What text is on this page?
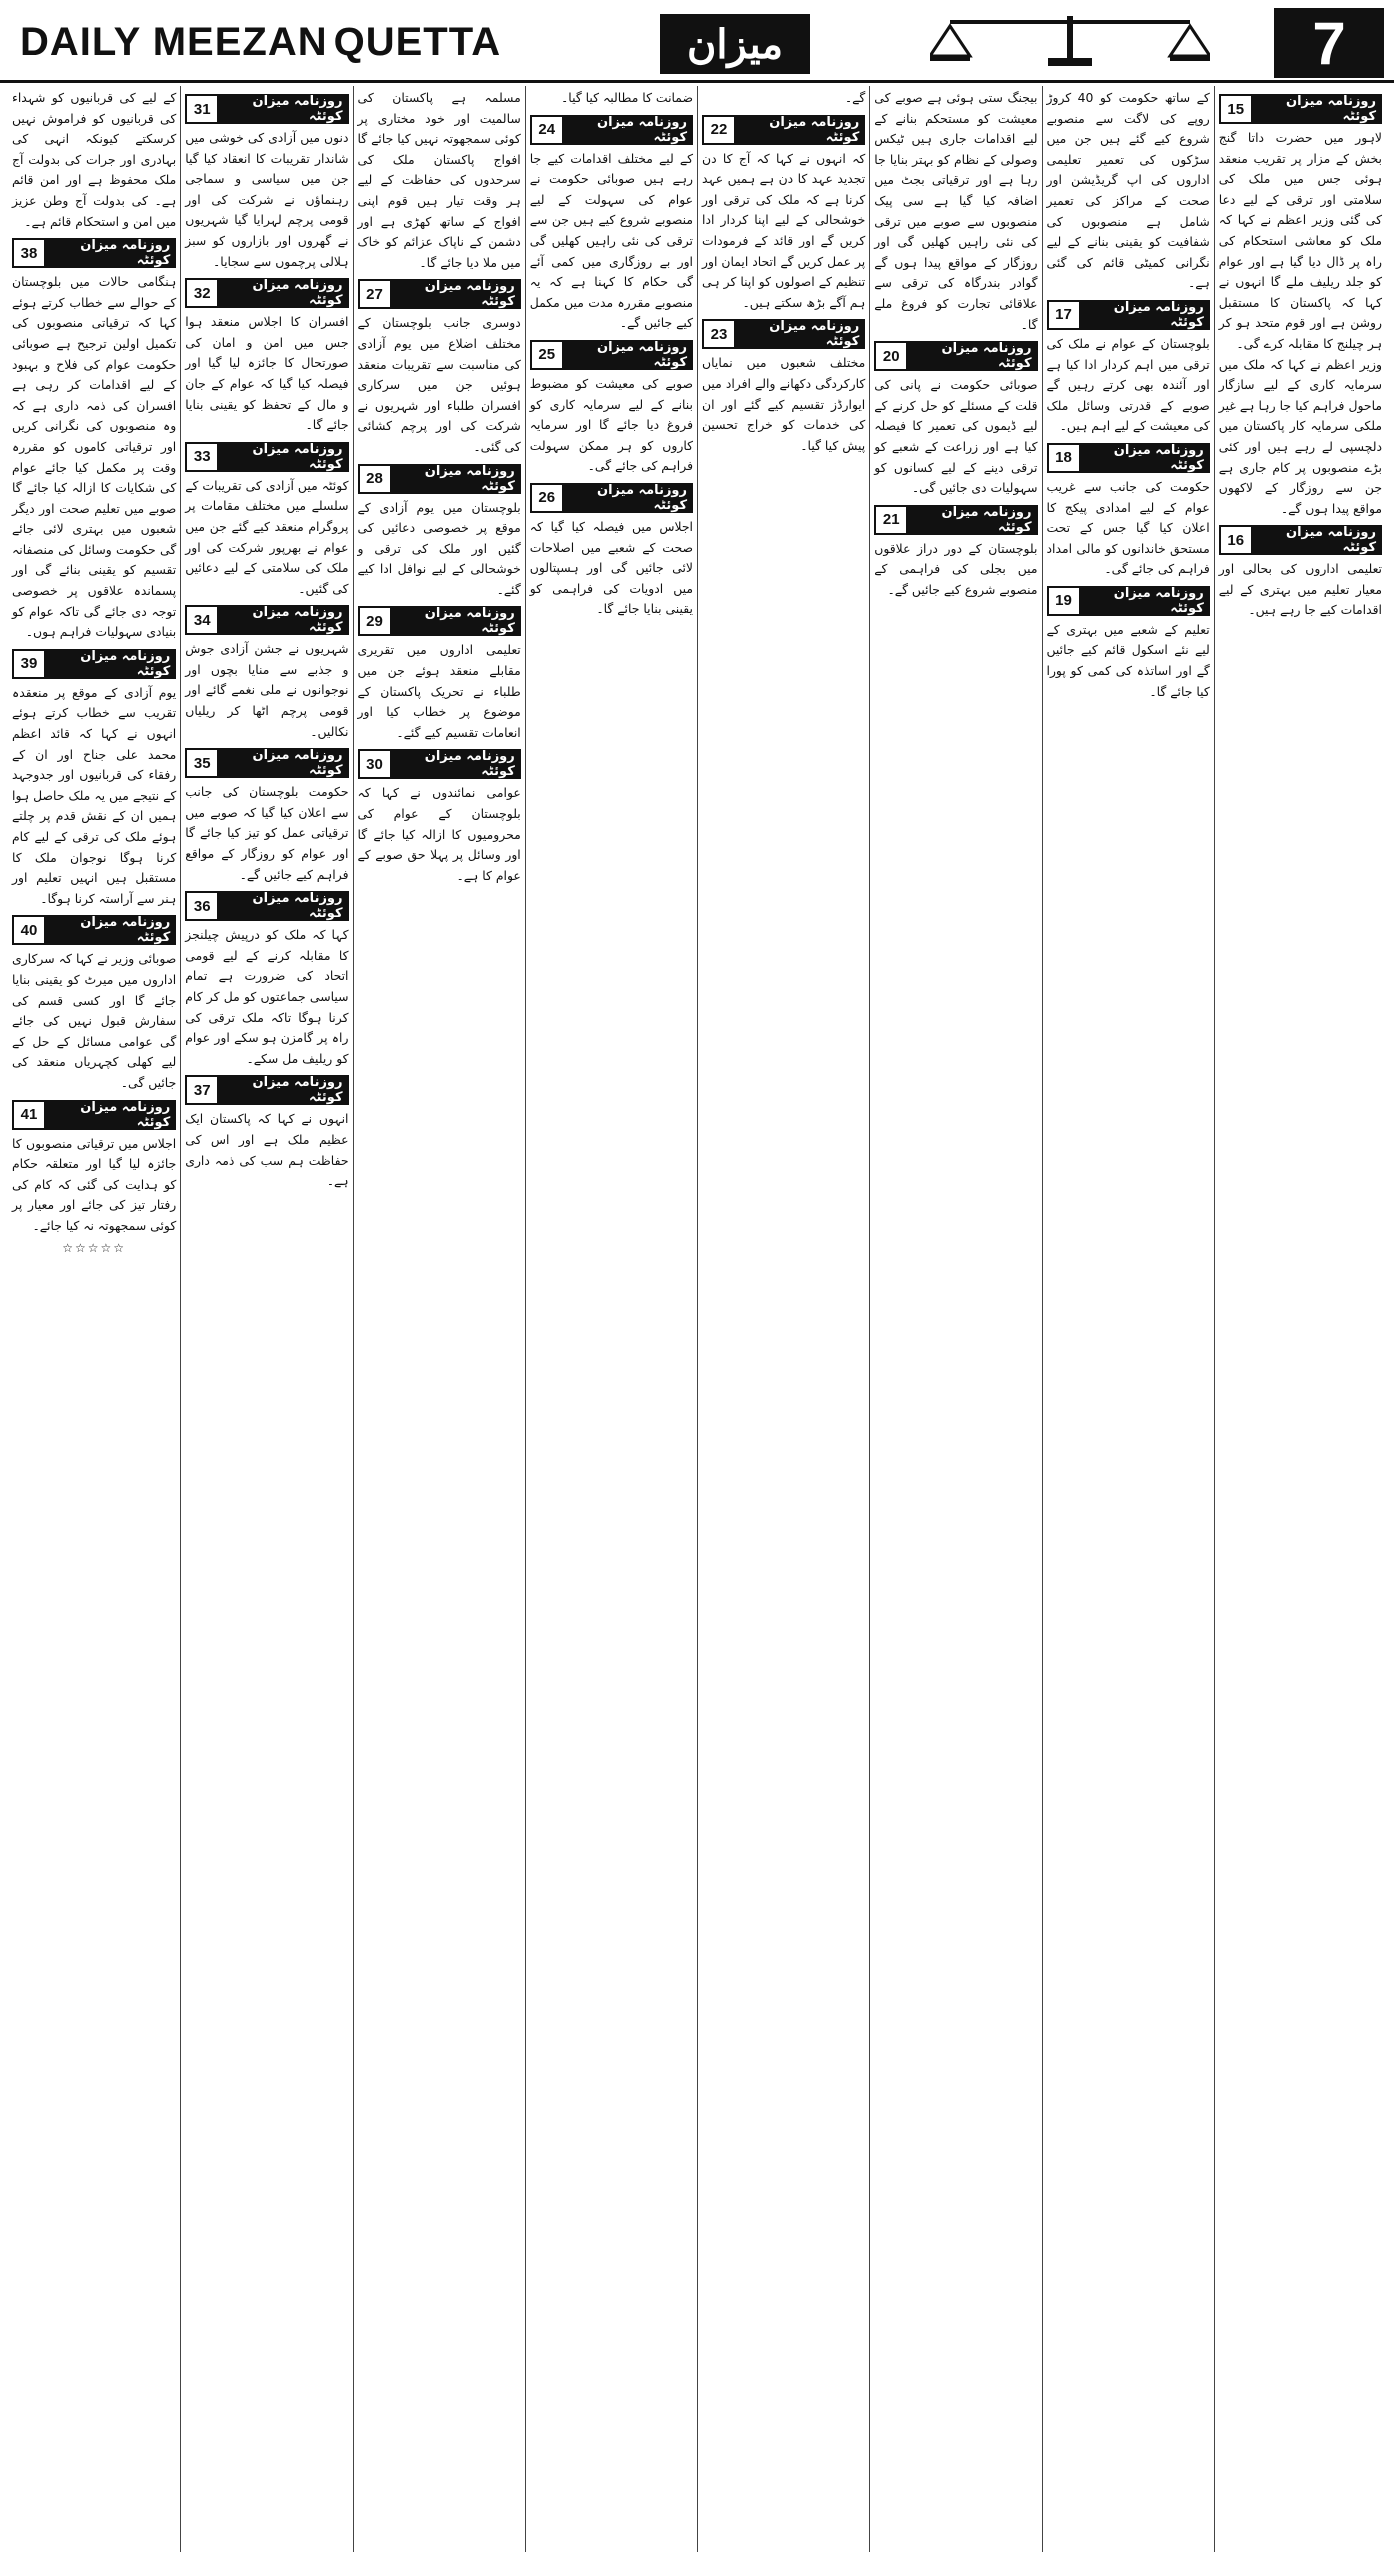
DAILY MEEZAN QUETTA	میزان	7

کے لیے کی قربانیوں کو شہداء کی قربانیوں کو فراموش نہیں کرسکتے کیونکہ انہی کی بہادری اور جرات کی بدولت آج ملک محفوظ ہے اور امن قائم ہے۔ کی بدولت آج وطن عزیز میں امن و استحکام قائم ہے۔

38	روزنامہ میزان کوئٹہ

ہنگامی حالات میں بلوچستان کے حوالے سے خطاب کرتے ہوئے کہا کہ ترقیاتی منصوبوں کی تکمیل اولین ترجیح ہے صوبائی حکومت عوام کی فلاح و بہبود کے لیے اقدامات کر رہی ہے افسران کی ذمہ داری ہے کہ وہ منصوبوں کی نگرانی کریں اور ترقیاتی کاموں کو مقررہ وقت پر مکمل کیا جائے عوام کی شکایات کا ازالہ کیا جائے گا صوبے میں تعلیم صحت اور دیگر شعبوں میں بہتری لائی جائے گی حکومت وسائل کی منصفانہ تقسیم کو یقینی بنائے گی اور پسماندہ علاقوں پر خصوصی توجہ دی جائے گی تاکہ عوام کو بنیادی سہولیات فراہم ہوں۔

39	روزنامہ میزان کوئٹہ

یوم آزادی کے موقع پر منعقدہ تقریب سے خطاب کرتے ہوئے انہوں نے کہا کہ قائد اعظم محمد علی جناح اور ان کے رفقاء کی قربانیوں اور جدوجہد کے نتیجے میں یہ ملک حاصل ہوا ہمیں ان کے نقش قدم پر چلتے ہوئے ملک کی ترقی کے لیے کام کرنا ہوگا نوجوان ملک کا مستقبل ہیں انہیں تعلیم اور ہنر سے آراستہ کرنا ہوگا۔

40	روزنامہ میزان کوئٹہ

صوبائی وزیر نے کہا کہ سرکاری اداروں میں میرٹ کو یقینی بنایا جائے گا اور کسی قسم کی سفارش قبول نہیں کی جائے گی عوامی مسائل کے حل کے لیے کھلی کچہریاں منعقد کی جائیں گی۔

41	روزنامہ میزان کوئٹہ

اجلاس میں ترقیاتی منصوبوں کا جائزہ لیا گیا اور متعلقہ حکام کو ہدایت کی گئی کہ کام کی رفتار تیز کی جائے اور معیار پر کوئی سمجھوتہ نہ کیا جائے۔

☆☆☆☆☆
31	روزنامہ میزان کوئٹہ

دنوں میں آزادی کی خوشی میں شاندار تقریبات کا انعقاد کیا گیا جن میں سیاسی و سماجی رہنماؤں نے شرکت کی اور قومی پرچم لہرایا گیا شہریوں نے گھروں اور بازاروں کو سبز ہلالی پرچموں سے سجایا۔

32	روزنامہ میزان کوئٹہ

افسران کا اجلاس منعقد ہوا جس میں امن و امان کی صورتحال کا جائزہ لیا گیا اور فیصلہ کیا گیا کہ عوام کے جان و مال کے تحفظ کو یقینی بنایا جائے گا۔

33	روزنامہ میزان کوئٹہ

کوئٹہ میں آزادی کی تقریبات کے سلسلے میں مختلف مقامات پر پروگرام منعقد کیے گئے جن میں عوام نے بھرپور شرکت کی اور ملک کی سلامتی کے لیے دعائیں کی گئیں۔

34	روزنامہ میزان کوئٹہ

شہریوں نے جشن آزادی جوش و جذبے سے منایا بچوں اور نوجوانوں نے ملی نغمے گائے اور قومی پرچم اٹھا کر ریلیاں نکالیں۔

35	روزنامہ میزان کوئٹہ

حکومت بلوچستان کی جانب سے اعلان کیا گیا کہ صوبے میں ترقیاتی عمل کو تیز کیا جائے گا اور عوام کو روزگار کے مواقع فراہم کیے جائیں گے۔

36	روزنامہ میزان کوئٹہ

کہا کہ ملک کو درپیش چیلنجز کا مقابلہ کرنے کے لیے قومی اتحاد کی ضرورت ہے تمام سیاسی جماعتوں کو مل کر کام کرنا ہوگا تاکہ ملک ترقی کی راہ پر گامزن ہو سکے اور عوام کو ریلیف مل سکے۔

37	روزنامہ میزان کوئٹہ

انہوں نے کہا کہ پاکستان ایک عظیم ملک ہے اور اس کی حفاظت ہم سب کی ذمہ داری ہے۔

مسلمہ ہے پاکستان کی سالمیت اور خود مختاری پر کوئی سمجھوتہ نہیں کیا جائے گا افواج پاکستان ملک کی سرحدوں کی حفاظت کے لیے ہر وقت تیار ہیں قوم اپنی افواج کے ساتھ کھڑی ہے اور دشمن کے ناپاک عزائم کو خاک میں ملا دیا جائے گا۔

27	روزنامہ میزان کوئٹہ

دوسری جانب بلوچستان کے مختلف اضلاع میں یوم آزادی کی مناسبت سے تقریبات منعقد ہوئیں جن میں سرکاری افسران طلباء اور شہریوں نے شرکت کی اور پرچم کشائی کی گئی۔

28	روزنامہ میزان کوئٹہ

بلوچستان میں یوم آزادی کے موقع پر خصوصی دعائیں کی گئیں اور ملک کی ترقی و خوشحالی کے لیے نوافل ادا کیے گئے۔

29	روزنامہ میزان کوئٹہ

تعلیمی اداروں میں تقریری مقابلے منعقد ہوئے جن میں طلباء نے تحریک پاکستان کے موضوع پر خطاب کیا اور انعامات تقسیم کیے گئے۔

30	روزنامہ میزان کوئٹہ

عوامی نمائندوں نے کہا کہ بلوچستان کے عوام کی محرومیوں کا ازالہ کیا جائے گا اور وسائل پر پہلا حق صوبے کے عوام کا ہے۔

ضمانت کا مطالبہ کیا گیا۔

24	روزنامہ میزان کوئٹہ

کے لیے مختلف اقدامات کیے جا رہے ہیں صوبائی حکومت نے عوام کی سہولت کے لیے منصوبے شروع کیے ہیں جن سے ترقی کی نئی راہیں کھلیں گی اور بے روزگاری میں کمی آئے گی حکام کا کہنا ہے کہ یہ منصوبے مقررہ مدت میں مکمل کیے جائیں گے۔

25	روزنامہ میزان کوئٹہ

صوبے کی معیشت کو مضبوط بنانے کے لیے سرمایہ کاری کو فروغ دیا جائے گا اور سرمایہ کاروں کو ہر ممکن سہولت فراہم کی جائے گی۔

26	روزنامہ میزان کوئٹہ

اجلاس میں فیصلہ کیا گیا کہ صحت کے شعبے میں اصلاحات لائی جائیں گی اور ہسپتالوں میں ادویات کی فراہمی کو یقینی بنایا جائے گا۔

گے۔

22	روزنامہ میزان کوئٹہ

کہ انہوں نے کہا کہ آج کا دن تجدید عہد کا دن ہے ہمیں عہد کرنا ہے کہ ملک کی ترقی اور خوشحالی کے لیے اپنا کردار ادا کریں گے اور قائد کے فرمودات پر عمل کریں گے اتحاد ایمان اور تنظیم کے اصولوں کو اپنا کر ہی ہم آگے بڑھ سکتے ہیں۔

23	روزنامہ میزان کوئٹہ

مختلف شعبوں میں نمایاں کارکردگی دکھانے والے افراد میں ایوارڈز تقسیم کیے گئے اور ان کی خدمات کو خراج تحسین پیش کیا گیا۔

بیجنگ ستی ہوئی ہے صوبے کی معیشت کو مستحکم بنانے کے لیے اقدامات جاری ہیں ٹیکس وصولی کے نظام کو بہتر بنایا جا رہا ہے اور ترقیاتی بجٹ میں اضافہ کیا گیا ہے سی پیک منصوبوں سے صوبے میں ترقی کی نئی راہیں کھلیں گی اور روزگار کے مواقع پیدا ہوں گے گوادر بندرگاہ کی ترقی سے علاقائی تجارت کو فروغ ملے گا۔

20	روزنامہ میزان کوئٹہ

صوبائی حکومت نے پانی کی قلت کے مسئلے کو حل کرنے کے لیے ڈیموں کی تعمیر کا فیصلہ کیا ہے اور زراعت کے شعبے کو ترقی دینے کے لیے کسانوں کو سہولیات دی جائیں گی۔

21	روزنامہ میزان کوئٹہ

بلوچستان کے دور دراز علاقوں میں بجلی کی فراہمی کے منصوبے شروع کیے جائیں گے۔

کے ساتھ حکومت کو 40 کروڑ روپے کی لاگت سے منصوبے شروع کیے گئے ہیں جن میں سڑکوں کی تعمیر تعلیمی اداروں کی اپ گریڈیشن اور صحت کے مراکز کی تعمیر شامل ہے منصوبوں کی شفافیت کو یقینی بنانے کے لیے نگرانی کمیٹی قائم کی گئی ہے۔

17	روزنامہ میزان کوئٹہ

بلوچستان کے عوام نے ملک کی ترقی میں اہم کردار ادا کیا ہے اور آئندہ بھی کرتے رہیں گے صوبے کے قدرتی وسائل ملک کی معیشت کے لیے اہم ہیں۔

18	روزنامہ میزان کوئٹہ

حکومت کی جانب سے غریب عوام کے لیے امدادی پیکج کا اعلان کیا گیا جس کے تحت مستحق خاندانوں کو مالی امداد فراہم کی جائے گی۔

19	روزنامہ میزان کوئٹہ

تعلیم کے شعبے میں بہتری کے لیے نئے اسکول قائم کیے جائیں گے اور اساتذہ کی کمی کو پورا کیا جائے گا۔

15	روزنامہ میزان کوئٹہ

لاہور میں حضرت داتا گنج بخش کے مزار پر تقریب منعقد ہوئی جس میں ملک کی سلامتی اور ترقی کے لیے دعا کی گئی وزیر اعظم نے کہا کہ ملک کو معاشی استحکام کی راہ پر ڈال دیا گیا ہے اور عوام کو جلد ریلیف ملے گا انہوں نے کہا کہ پاکستان کا مستقبل روشن ہے اور قوم متحد ہو کر ہر چیلنج کا مقابلہ کرے گی۔

وزیر اعظم نے کہا کہ ملک میں سرمایہ کاری کے لیے سازگار ماحول فراہم کیا جا رہا ہے غیر ملکی سرمایہ کار پاکستان میں دلچسپی لے رہے ہیں اور کئی بڑے منصوبوں پر کام جاری ہے جن سے روزگار کے لاکھوں مواقع پیدا ہوں گے۔

16	روزنامہ میزان کوئٹہ

تعلیمی اداروں کی بحالی اور معیار تعلیم میں بہتری کے لیے اقدامات کیے جا رہے ہیں۔
